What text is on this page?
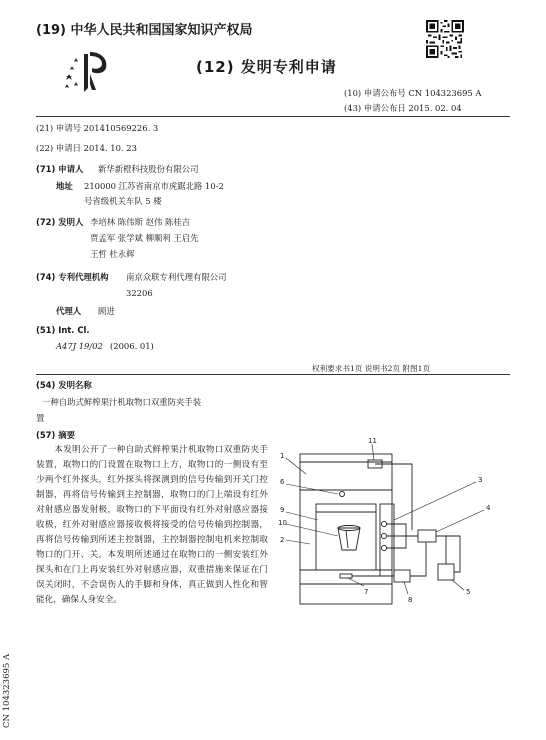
(19) 中华人民共和国国家知识产权局
(12) 发明专利申请
(10) 申请公布号 CN 104323695 A
(43) 申请公布日 2015. 02. 04
(21) 申请号 201410569226. 3
(22) 申请日 2014. 10. 23
(71) 申请人 新华新橙科技股份有限公司
地址 210000 江苏省南京市虎踞北路 10-2
号省级机关车队 5 楼
(72) 发明人 李培林 陈伟斯 赵伟 陈桂吉
贾孟军 张学斌 柳顺利 王启先
王哲 杜永辉
(74) 专利代理机构 南京众联专利代理有限公司
32206
代理人 顾进
(51) Int. Cl.
A47J 19/02 (2006. 01)
权利要求书1页 说明书2页 附图1页
(54) 发明名称
一种自助式鲜榨果汁机取物口双重防夹手装
置
(57) 摘要
本发明公开了一种自助式鲜榨果汁机取物口双重防夹手装置，取物口的门设置在取物口上方，取物口的一侧设有至少两个红外探头，红外探头将探测到的信号传输到开关门控制器，再将信号传输到主控制器，取物口的门上端设有红外对射感应器发射极，取物口的下平面设有红外对射感应器接收极，红外对射感应器接收极将接受的信号传输到控制器，再将信号传输到所述主控制器，主控制器控制电机来控制取物口的门开、关，本发明所述通过在取物口的一侧安装红外探头和在门上再安装红外对射感应器，双重措施来保证在门误关闭时，不会误伤人的手脚和身体，真正做到人性化和智能化，确保人身安全。
CN 104323695 A
1
2
3
4
5
6
7
8
9
10
11
